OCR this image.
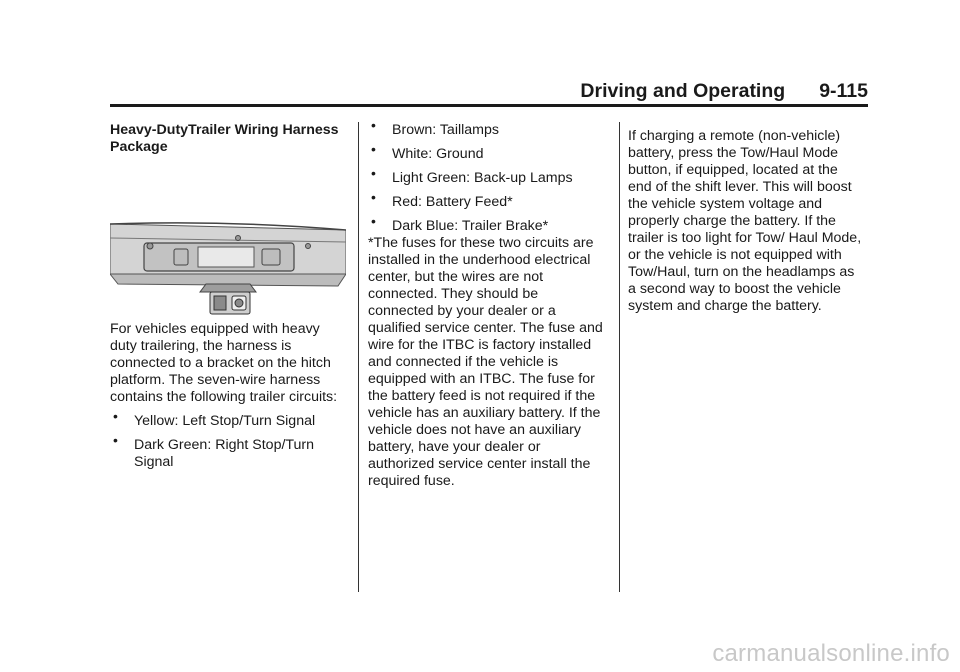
Driving and Operating 9-115

Heavy-DutyTrailer Wiring Harness Package

For vehicles equipped with heavy duty trailering, the harness is connected to a bracket on the hitch platform. The seven-wire harness contains the following trailer circuits:

• Yellow: Left Stop/Turn Signal
• Dark Green: Right Stop/Turn Signal
• Brown: Taillamps
• White: Ground
• Light Green: Back-up Lamps
• Red: Battery Feed*
• Dark Blue: Trailer Brake*

*The fuses for these two circuits are installed in the underhood electrical center, but the wires are not connected. They should be connected by your dealer or a qualified service center. The fuse and wire for the ITBC is factory installed and connected if the vehicle is equipped with an ITBC. The fuse for the battery feed is not required if the vehicle has an auxiliary battery. If the vehicle does not have an auxiliary battery, have your dealer or authorized service center install the required fuse.

If charging a remote (non-vehicle) battery, press the Tow/Haul Mode button, if equipped, located at the end of the shift lever. This will boost the vehicle system voltage and properly charge the battery. If the trailer is too light for Tow/ Haul Mode, or the vehicle is not equipped with Tow/Haul, turn on the headlamps as a second way to boost the vehicle system and charge the battery.

carmanualsonline.info
